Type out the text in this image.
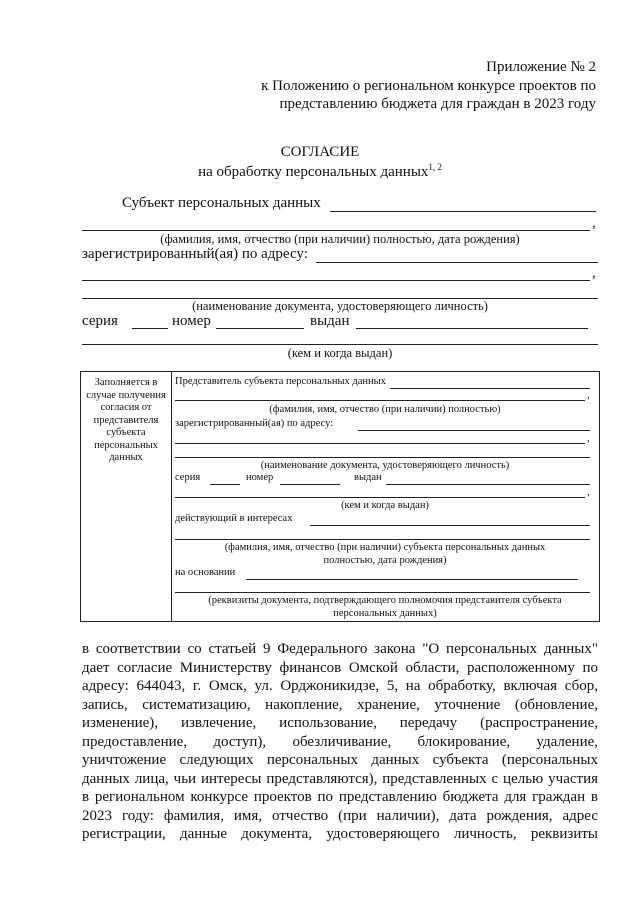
Приложение № 2
к Положению о региональном конкурсе проектов по
представлению бюджета для граждан в 2023 году
СОГЛАСИЕ
на обработку персональных данных$^{1, 2}$
Субъект персональных данных
,
(фамилия, имя, отчество (при наличии) полностью, дата рождения)
зарегистрированный(ая) по адресу:
,
(наименование документа, удостоверяющего личность)
серия	номер	выдан
(кем и когда выдан)
Заполняется в случае получения согласия от представителя субъекта персональных данных
Представитель субъекта персональных данных
,
(фамилия, имя, отчество (при наличии) полностью)
зарегистрированный(ая) по адресу:
,
(наименование документа, удостоверяющего личность)
серия	номер	выдан
,
(кем и когда выдан)
действующий в интересах
(фамилия, имя, отчество (при наличии) субъекта персональных данных
полностью, дата рождения)
на основании
(реквизиты документа, подтверждающего полномочия представителя субъекта
персональных данных)
в соответствии со статьей 9 Федерального закона "О персональных данных"
дает согласие Министерству финансов Омской области, расположенному по
адресу: 644043, г. Омск, ул. Орджоникидзе, 5, на обработку, включая сбор,
запись, систематизацию, накопление, хранение, уточнение (обновление,
изменение), извлечение, использование, передачу (распространение,
предоставление, доступ), обезличивание, блокирование, удаление,
уничтожение следующих персональных данных субъекта (персональных
данных лица, чьи интересы представляются), представленных с целью участия
в региональном конкурсе проектов по представлению бюджета для граждан в
2023 году: фамилия, имя, отчество (при наличии), дата рождения, адрес
регистрации, данные документа, удостоверяющего личность, реквизиты
